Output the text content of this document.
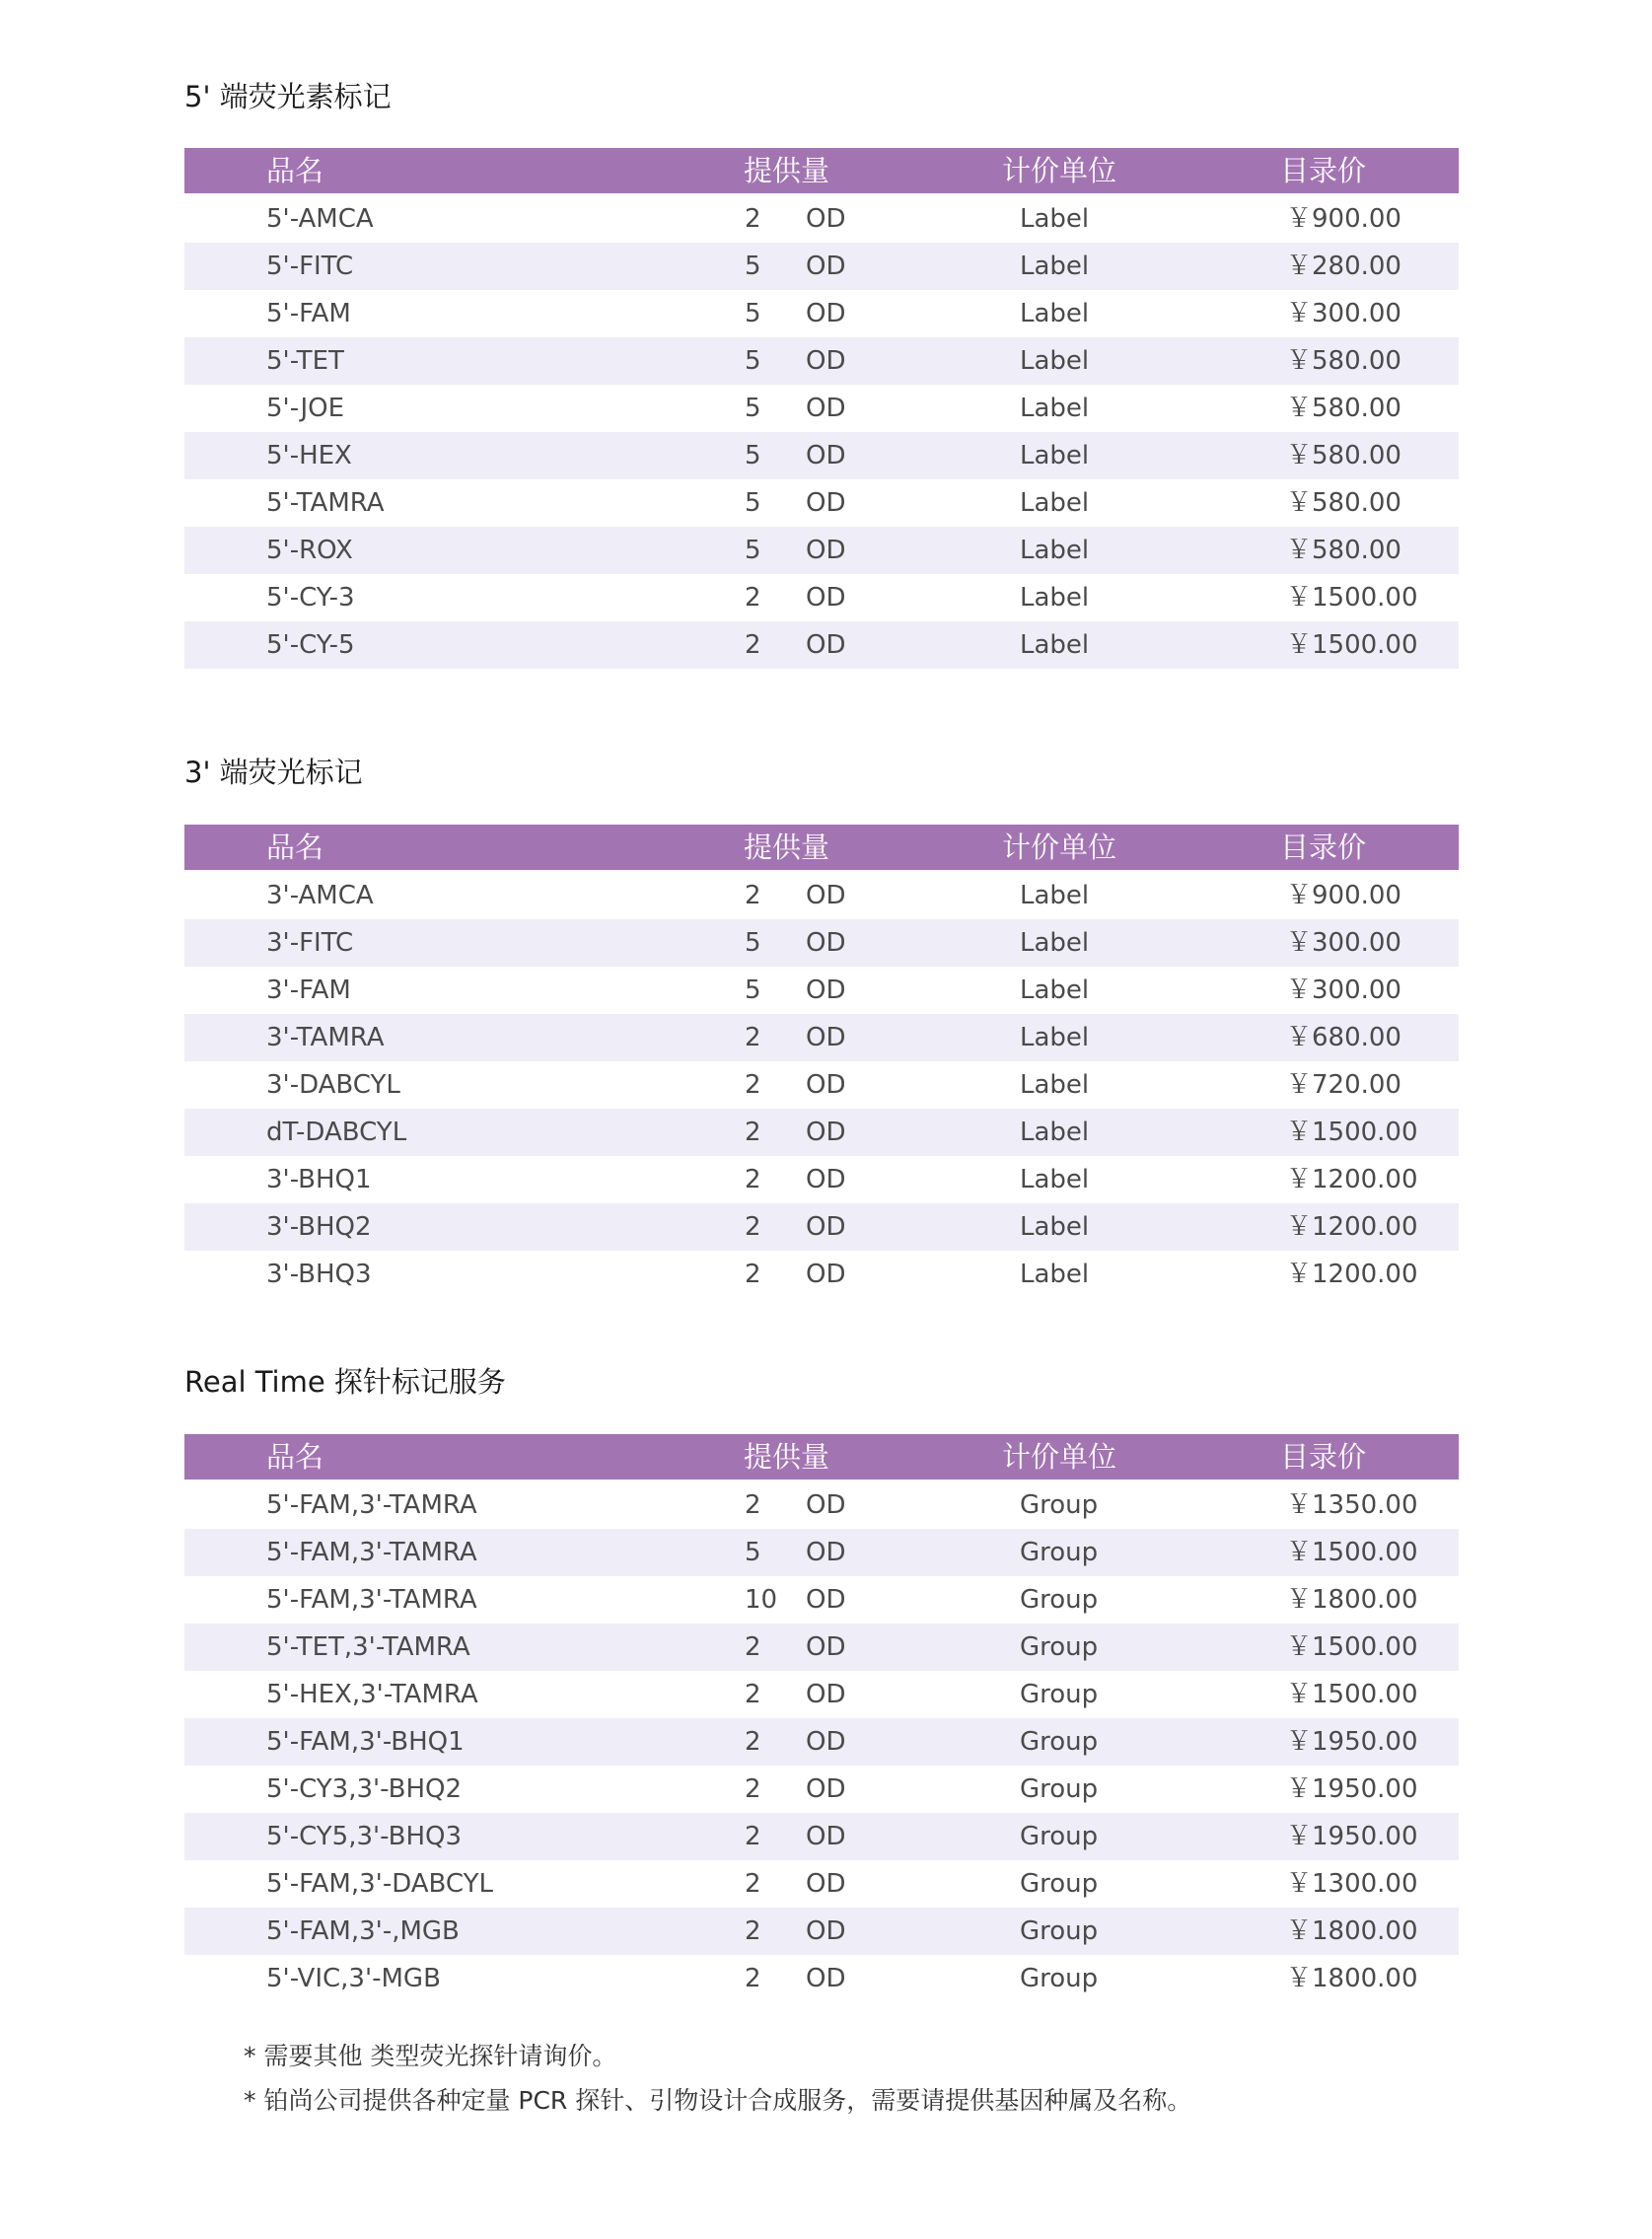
5' 端荧光素标记
品名	提供量	计价单位	目录价
5'-AMCA	2 OD	Label	￥900.00
5'-FITC	5 OD	Label	￥280.00
5'-FAM	5 OD	Label	￥300.00
5'-TET	5 OD	Label	￥580.00
5'-JOE	5 OD	Label	￥580.00
5'-HEX	5 OD	Label	￥580.00
5'-TAMRA	5 OD	Label	￥580.00
5'-ROX	5 OD	Label	￥580.00
5'-CY-3	2 OD	Label	￥1500.00
5'-CY-5	2 OD	Label	￥1500.00
3' 端荧光标记
品名	提供量	计价单位	目录价
3'-AMCA	2 OD	Label	￥900.00
3'-FITC	5 OD	Label	￥300.00
3'-FAM	5 OD	Label	￥300.00
3'-TAMRA	2 OD	Label	￥680.00
3'-DABCYL	2 OD	Label	￥720.00
dT-DABCYL	2 OD	Label	￥1500.00
3'-BHQ1	2 OD	Label	￥1200.00
3'-BHQ2	2 OD	Label	￥1200.00
3'-BHQ3	2 OD	Label	￥1200.00
Real Time 探针标记服务
品名	提供量	计价单位	目录价
5'-FAM,3'-TAMRA	2 OD	Group	￥1350.00
5'-FAM,3'-TAMRA	5 OD	Group	￥1500.00
5'-FAM,3'-TAMRA	10 OD	Group	￥1800.00
5'-TET,3'-TAMRA	2 OD	Group	￥1500.00
5'-HEX,3'-TAMRA	2 OD	Group	￥1500.00
5'-FAM,3'-BHQ1	2 OD	Group	￥1950.00
5'-CY3,3'-BHQ2	2 OD	Group	￥1950.00
5'-CY5,3'-BHQ3	2 OD	Group	￥1950.00
5'-FAM,3'-DABCYL	2 OD	Group	￥1300.00
5'-FAM,3'-,MGB	2 OD	Group	￥1800.00
5'-VIC,3'-MGB	2 OD	Group	￥1800.00
* 需要其他 类型荧光探针请询价。
* 铂尚公司提供各种定量 PCR 探针、引物设计合成服务，需要请提供基因种属及名称。
